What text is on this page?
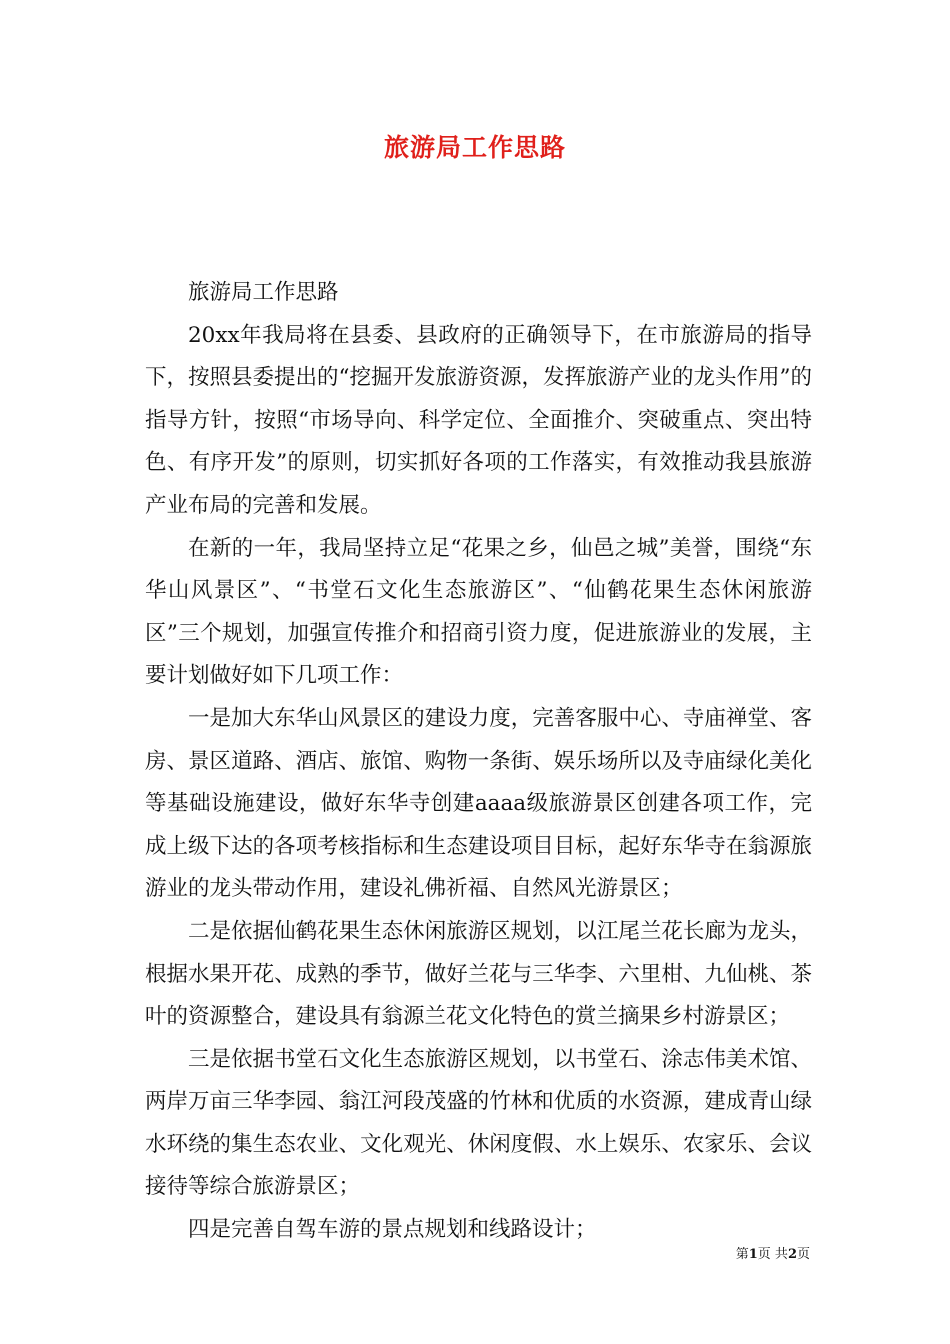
旅游局工作思路

旅游局工作思路

20xx年我局将在县委、县政府的正确领导下，在市旅游局的指导下，按照县委提出的“挖掘开发旅游资源，发挥旅游产业的龙头作用”的指导方针，按照“市场导向、科学定位、全面推介、突破重点、突出特色、有序开发”的原则，切实抓好各项的工作落实，有效推动我县旅游产业布局的完善和发展。

在新的一年，我局坚持立足“花果之乡，仙邑之城”美誉，围绕“东华山风景区”、“书堂石文化生态旅游区”、“仙鹤花果生态休闲旅游区”三个规划，加强宣传推介和招商引资力度，促进旅游业的发展，主要计划做好如下几项工作：

一是加大东华山风景区的建设力度，完善客服中心、寺庙禅堂、客房、景区道路、酒店、旅馆、购物一条街、娱乐场所以及寺庙绿化美化等基础设施建设，做好东华寺创建aaaa级旅游景区创建各项工作，完成上级下达的各项考核指标和生态建设项目目标，起好东华寺在翁源旅游业的龙头带动作用，建设礼佛祈福、自然风光游景区；

二是依据仙鹤花果生态休闲旅游区规划，以江尾兰花长廊为龙头，根据水果开花、成熟的季节，做好兰花与三华李、六里柑、九仙桃、茶叶的资源整合，建设具有翁源兰花文化特色的赏兰摘果乡村游景区；

三是依据书堂石文化生态旅游区规划，以书堂石、涂志伟美术馆、两岸万亩三华李园、翁江河段茂盛的竹林和优质的水资源，建成青山绿水环绕的集生态农业、文化观光、休闲度假、水上娱乐、农家乐、会议接待等综合旅游景区；

四是完善自驾车游的景点规划和线路设计；

第1页 共2页
